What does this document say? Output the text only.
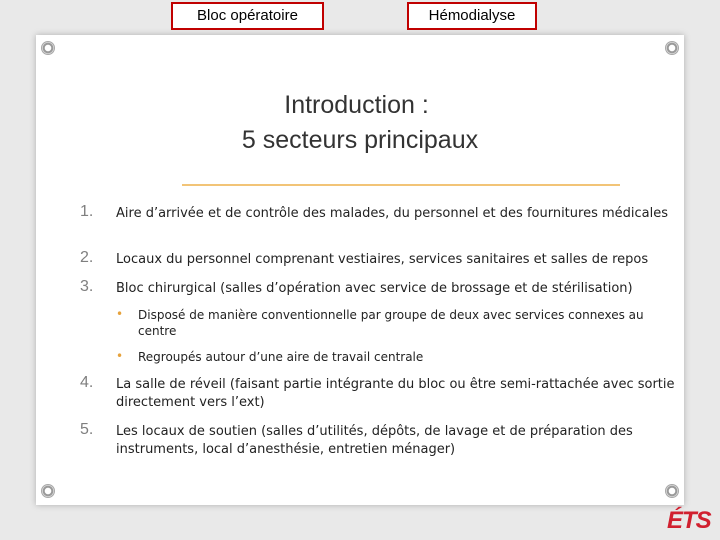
Bloc opératoire	Hémodialyse
Introduction :
5 secteurs principaux
1. Aire d’arrivée et de contrôle des malades, du personnel et des fournitures médicales
2. Locaux du personnel comprenant vestiaires, services sanitaires et salles de repos
3. Bloc chirurgical (salles d’opération avec service de brossage et de stérilisation)
• Disposé de manière conventionnelle par groupe de deux avec services connexes au centre
• Regroupés autour d’une aire de travail centrale
4. La salle de réveil (faisant partie intégrante du bloc ou être semi-rattachée avec sortie directement vers l’ext)
5. Les locaux de soutien (salles d’utilités, dépôts, de lavage et de préparation des instruments, local d’anesthésie, entretien ménager)
ÉTS
